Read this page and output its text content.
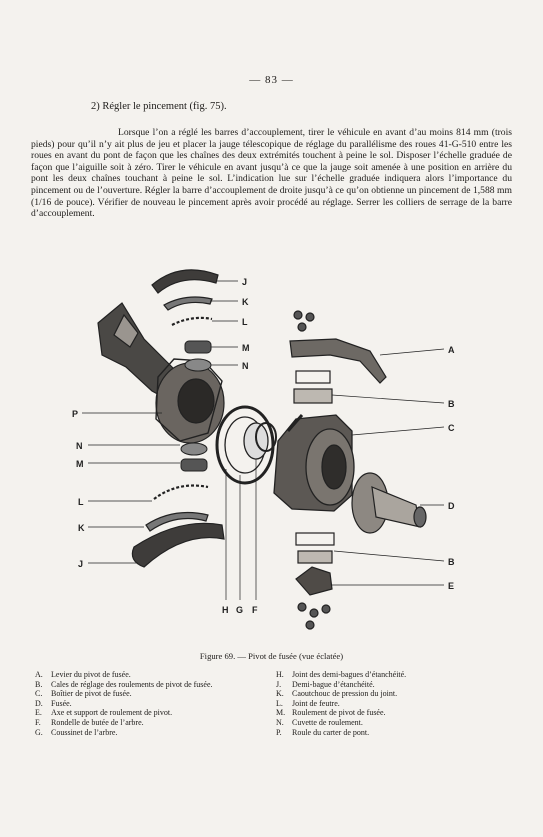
— 83 —
2) Régler le pincement (fig. 75).

Lorsque l’on a réglé les barres d’accouplement, tirer le véhicule en avant d’au moins 814 mm (trois pieds) pour qu’il n’y ait plus de jeu et placer la jauge télescopique de réglage du parallélisme des roues 41-G-510 entre les roues en avant du pont de façon que les chaînes des deux extrémités touchent à peine le sol. Disposer l’échelle graduée de façon que l’aiguille soit à zéro. Tirer le véhicule en avant jusqu’à ce que la jauge soit amenée à une position en arrière du pont les deux chaînes touchant à peine le sol. L’indication lue sur l’échelle graduée indiquera alors l’importance du pincement ou de l’ouverture. Régler la barre d’accouplement de droite jusqu’à ce qu’on obtienne un pincement de 1,588 mm (1/16 de pouce). Vérifier de nouveau le pincement après avoir procédé au réglage. Serrer les colliers de serrage de la barre d’accouplement.

J
K
L
M
N
P
N
M
L
K
J
A
B
C
D
B
E
H G F
Figure 69. — Pivot de fusée (vue éclatée)
A.	Levier du pivot de fusée.
B.	Cales de réglage des roulements de pivot de fusée.
C.	Boîtier de pivot de fusée.
D.	Fusée.
E.	Axe et support de roulement de pivot.
F.	Rondelle de butée de l’arbre.
G.	Coussinet de l’arbre.
H.	Joint des demi-bagues d’étanchéité.
J.	Demi-bague d’étanchéité.
K.	Caoutchouc de pression du joint.
L.	Joint de feutre.
M. Roulement de pivot de fusée.
N.	Cuvette de roulement.
P.	Roule du carter de pont.
